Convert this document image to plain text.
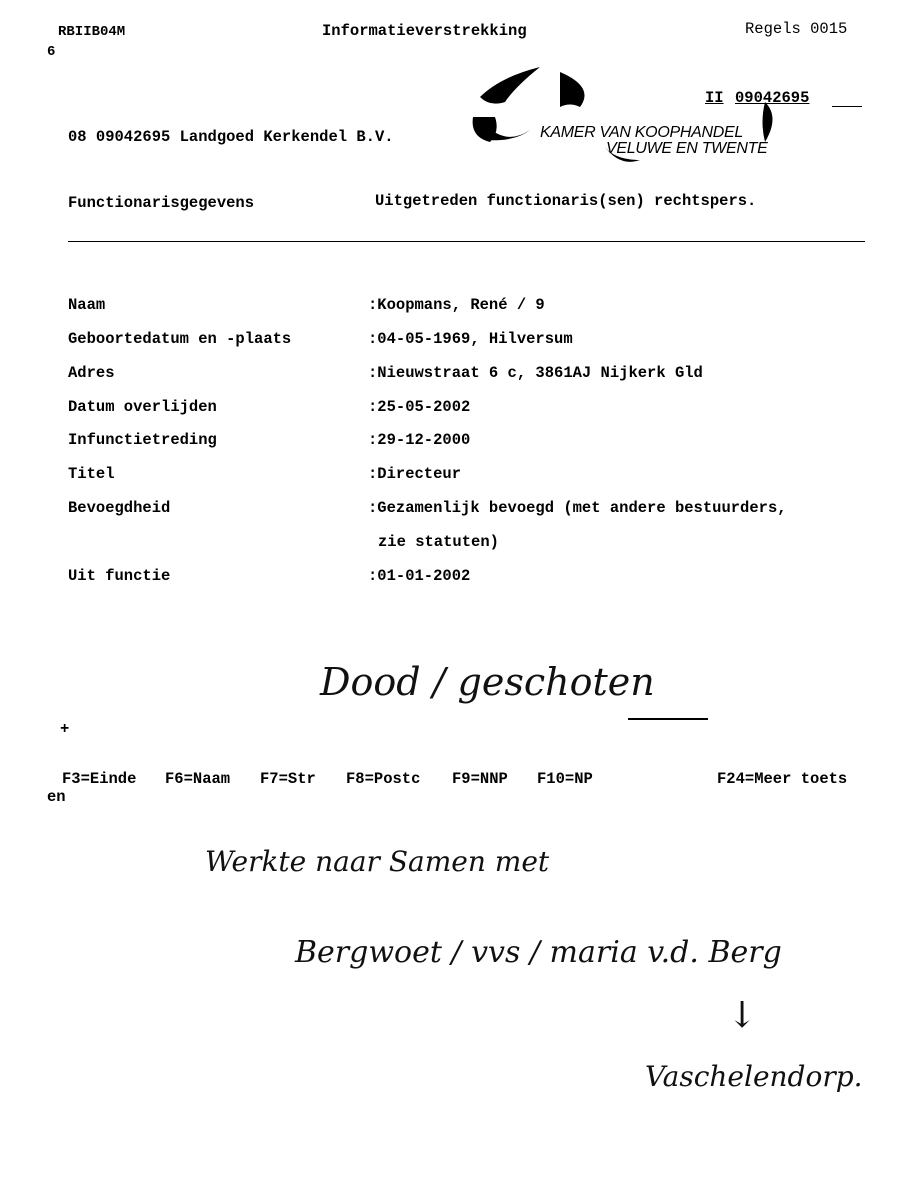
RBIIB04M
6
Informatieverstrekking	Regels 0015
KAMER VAN KOOPHANDEL
VELUWE EN TWENTE
II 09042695
08 09042695 Landgoed Kerkendel B.V.
Functionarisgegevens	Uitgetreden functionaris(sen) rechtspers.
Naam	:Koopmans, René / 9
Geboortedatum en -plaats	:04-05-1969, Hilversum
Adres	:Nieuwstraat 6 c, 3861AJ Nijkerk Gld
Datum overlijden	:25-05-2002
Infunctietreding	:29-12-2000
Titel	:Directeur
Bevoegdheid	:Gezamenlijk bevoegd (met andere bestuurders,
zie statuten)
Uit functie	:01-01-2002
Dood / geschoten
+
F3=Einde F6=Naam F7=Str F8=Postc F9=NNP F10=NP	F24=Meer toets
en
Werkte naar Samen met
Bergwoet / vvs / maria v.d. Berg
↓
Vaschelendorp.
